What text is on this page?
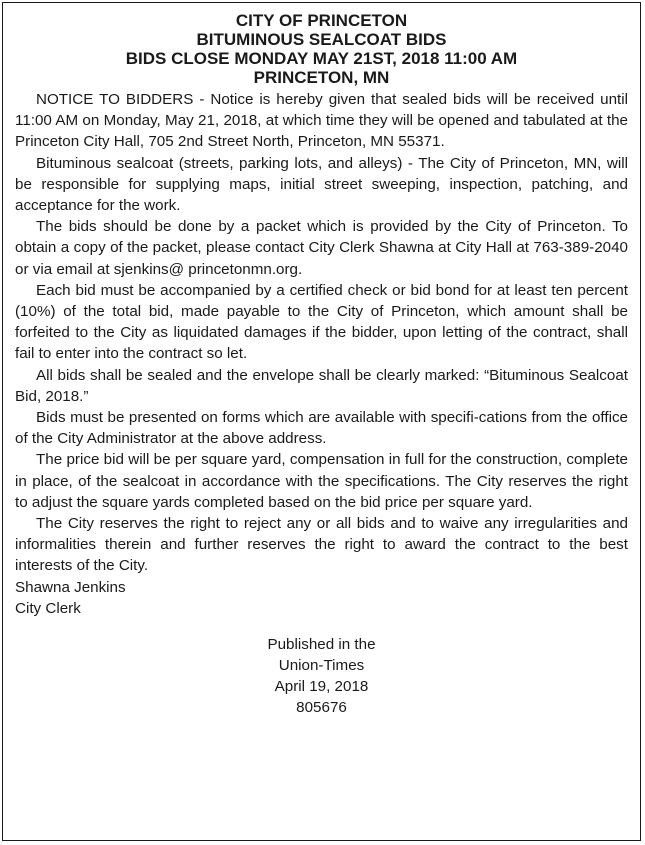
CITY OF PRINCETON
BITUMINOUS SEALCOAT BIDS
BIDS CLOSE MONDAY MAY 21ST, 2018 11:00 AM
PRINCETON, MN

NOTICE TO BIDDERS - Notice is hereby given that sealed bids will be received until 11:00 AM on Monday, May 21, 2018, at which time they will be opened and tabulated at the Princeton City Hall, 705 2nd Street North, Princeton, MN 55371.

Bituminous sealcoat (streets, parking lots, and alleys) - The City of Princeton, MN, will be responsible for supplying maps, initial street sweeping, inspection, patching, and acceptance for the work.

The bids should be done by a packet which is provided by the City of Princeton. To obtain a copy of the packet, please contact City Clerk Shawna at City Hall at 763-389-2040 or via email at sjenkins@ princetonmn.org.

Each bid must be accompanied by a certified check or bid bond for at least ten percent (10%) of the total bid, made payable to the City of Princeton, which amount shall be forfeited to the City as liquidated damages if the bidder, upon letting of the contract, shall fail to enter into the contract so let.

All bids shall be sealed and the envelope shall be clearly marked: “Bituminous Sealcoat Bid, 2018.”

Bids must be presented on forms which are available with specifi-cations from the office of the City Administrator at the above address.

The price bid will be per square yard, compensation in full for the construction, complete in place, of the sealcoat in accordance with the specifications. The City reserves the right to adjust the square yards completed based on the bid price per square yard.

The City reserves the right to reject any or all bids and to waive any irregularities and informalities therein and further reserves the right to award the contract to the best interests of the City.

Shawna Jenkins
City Clerk
Published in the
Union-Times
April 19, 2018
805676
